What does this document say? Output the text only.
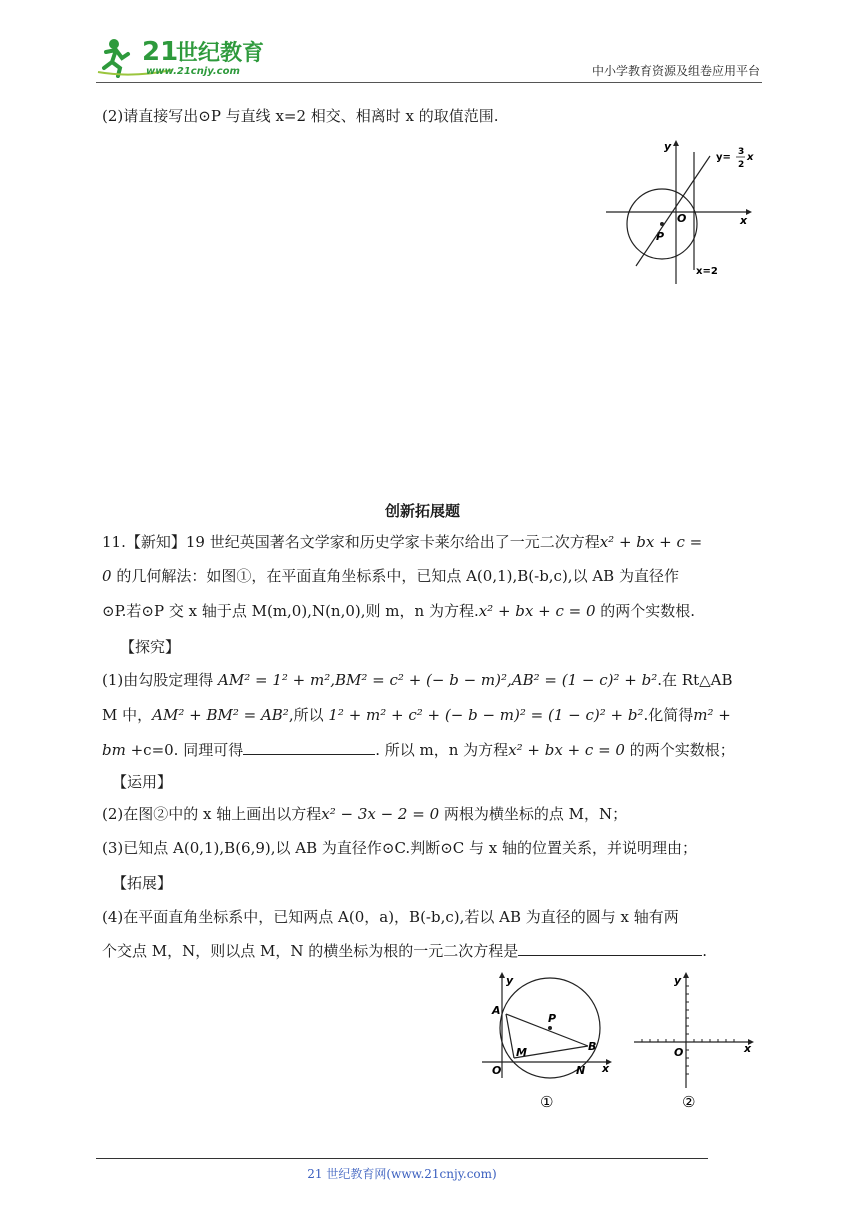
21
世纪教育
www.21cnjy.com	中小学教育资源及组卷应用平台
(2)请直接写出⊙P 与直线 x=2 相交、相离时 x 的取值范围.
y
x
O
P
y= 3
2
x
x=2
创新拓展题
11.【新知】19 世纪英国著名文学家和历史学家卡莱尔给出了一元二次方程x² + bx + c =
0 的几何解法：如图①，在平面直角坐标系中，已知点 A(0,1),B(-b,c),以 AB 为直径作
⊙P.若⊙P 交 x 轴于点 M(m,0),N(n,0),则 m，n 为方程.x² + bx + c = 0 的两个实数根.
【探究】
(1)由勾股定理得 AM² = 1² + m²,BM² = c² + (− b − m)²,AB² = (1 − c)² + b².在 Rt△AB
M 中，AM² + BM² = AB²,所以 1² + m² + c² + (− b − m)² = (1 − c)² + b².化简得m² +
bm +c=0. 同理可得	. 所以 m，n 为方程x² + bx + c = 0 的两个实数根；
【运用】
(2)在图②中的 x 轴上画出以方程x² − 3x − 2 = 0 两根为横坐标的点 M，N；
(3)已知点 A(0,1),B(6,9),以 AB 为直径作⊙C.判断⊙C 与 x 轴的位置关系，并说明理由；
【拓展】
(4)在平面直角坐标系中，已知两点 A(0，a)，B(-b,c),若以 AB 为直径的圆与 x 轴有两
个交点 M，N，则以点 M，N 的横坐标为根的一元二次方程是	.
y
x
O
P
A
B
M
N
①
y
x
O
②
21 世纪教育网(www.21cnjy.com)
